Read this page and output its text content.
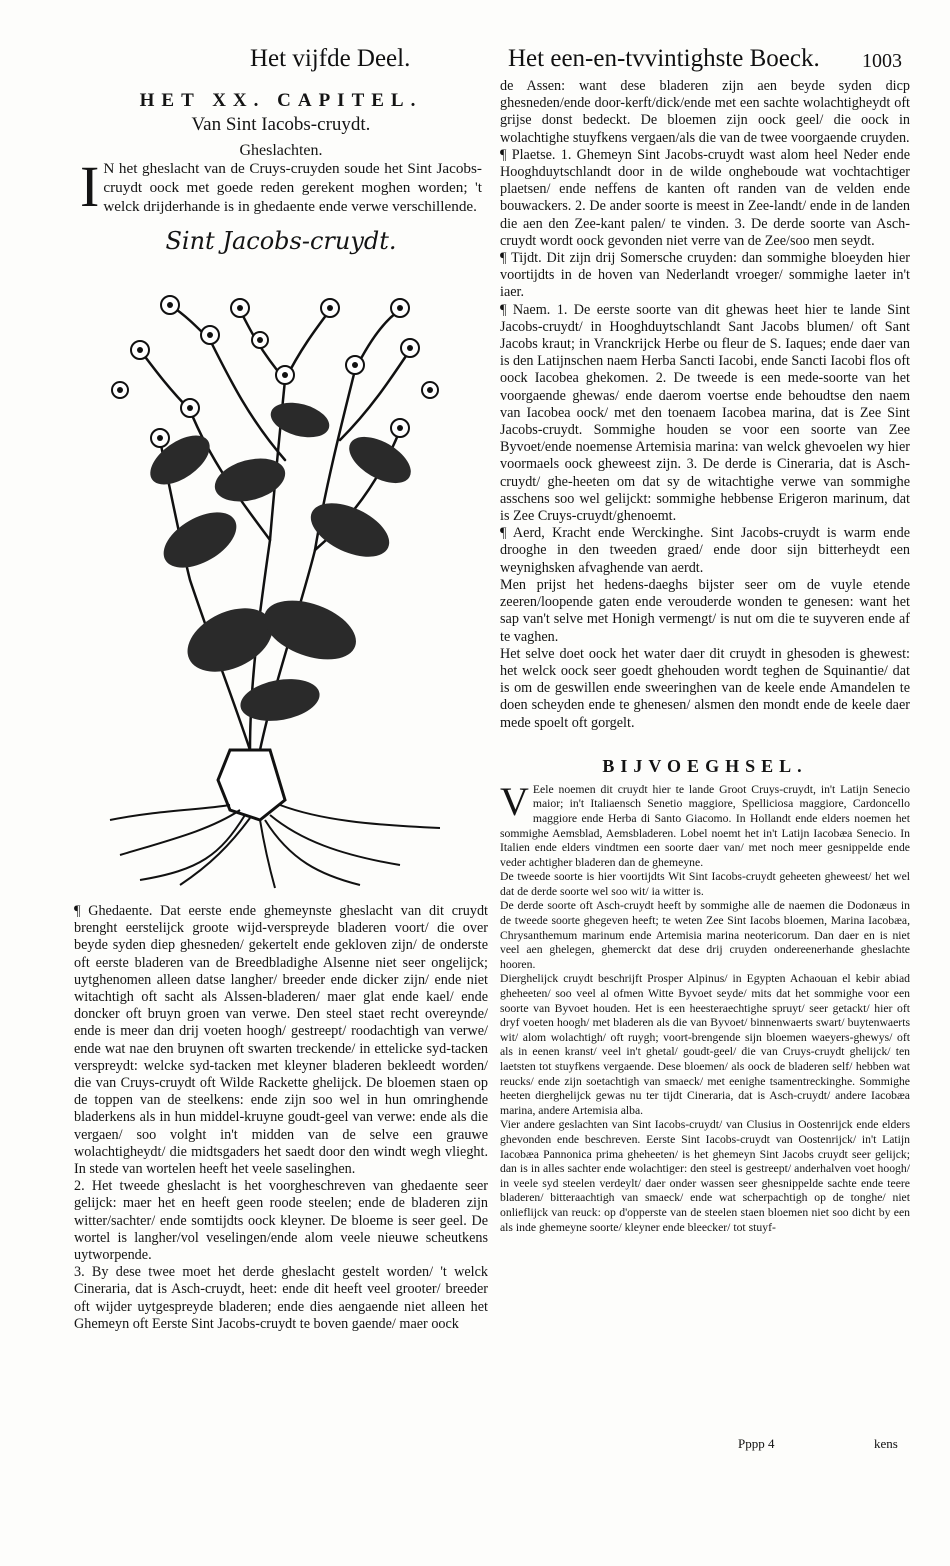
Het vijfde Deel.	Het een-en-tvvintighste Boeck. 1003
HET XX. CAPITEL.
Van Sint Iacobs-cruydt.
Gheslachten.

I N het gheslacht van de Cruys-cruyden soude het Sint Jacobs-cruydt oock met goede reden gerekent moghen worden; 't welck drijderhande is in ghedaente ende verwe verschillende.

Sint Jacobs-cruydt.

de Assen: want dese bladeren zijn aen beyde syden dicp ghesneden/ende door-kerft/dick/ende met een sachte wolachtigheydt oft grijse donst bedeckt. De bloemen zijn oock geel/ die oock in wolachtighe stuyfkens vergaen/als die van de twee voorgaende cruyden.

¶ Plaetse. 1. Ghemeyn Sint Jacobs-cruydt wast alom heel Neder ende Hooghduytschlandt door in de wilde ongheboude wat vochtachtiger plaetsen/ ende neffens de kanten oft randen van de velden ende bouwackers. 2. De ander soorte is meest in Zee-landt/ ende in de landen die aen den Zee-kant palen/ te vinden. 3. De derde soorte van Asch-cruydt wordt oock gevonden niet verre van de Zee/soo men seydt.

¶ Tijdt. Dit zijn drij Somersche cruyden: dan sommighe bloeyden hier voortijdts in de hoven van Nederlandt vroeger/ sommighe laeter in't iaer.

¶ Naem. 1. De eerste soorte van dit ghewas heet hier te lande Sint Jacobs-cruydt/ in Hooghduytschlandt Sant Jacobs blumen/ oft Sant Jacobs kraut; in Vranckrijck Herbe ou fleur de S. Iaques; ende daer van is den Latijnschen naem Herba Sancti Iacobi, ende Sancti Iacobi flos oft oock Iacobea ghekomen. 2. De tweede is een mede-soorte van het voorgaende ghewas/ ende daerom voertse ende behoudtse den naem van Iacobea oock/ met den toenaem Iacobea marina, dat is Zee Sint Jacobs-cruydt. Sommighe houden se voor een soorte van Zee Byvoet/ende noemense Artemisia marina: van welck ghevoelen wy hier voormaels oock gheweest zijn. 3. De derde is Cineraria, dat is Asch-cruydt/ ghe-heeten om dat sy de witachtighe verwe van sommighe asschens soo wel gelijckt: sommighe hebbense Erigeron marinum, dat is Zee Cruys-cruydt/ghenoemt.

¶ Aerd, Kracht ende Werckinghe. Sint Jacobs-cruydt is warm ende drooghe in den tweeden graed/ ende door sijn bitterheydt een weynighsken afvaghende van aerdt.

Men prijst het hedens-daeghs bijster seer om de vuyle etende zeeren/loopende gaten ende verouderde wonden te genesen: want het sap van't selve met Honigh vermengt/ is nut om die te suyveren ende af te vaghen.

Het selve doet oock het water daer dit cruydt in ghesoden is ghewest: het welck oock seer goedt ghehouden wordt teghen de Squinantie/ dat is om de geswillen ende sweeringhen van de keele ende Amandelen te doen scheyden ende te ghenesen/ alsmen den mondt ende de keele daer mede spoelt oft gorgelt.

BIJVOEGHSEL.

V Eele noemen dit cruydt hier te lande Groot Cruys-cruydt, in't Latijn Senecio maior; in't Italiaensch Senetio maggiore, Spelliciosa maggiore, Cardoncello maggiore ende Herba di Santo Giacomo. In Hollandt ende elders noemen het sommighe Aemsblad, Aemsbladeren. Lobel noemt het in't Latijn Iacobæa Senecio. In Italien ende elders vindtmen een soorte daer van/ met noch meer gesnippelde ende veder achtigher bladeren dan de ghemeyne.

De tweede soorte is hier voortijdts Wit Sint Iacobs-cruydt geheeten gheweest/ het wel dat de derde soorte wel soo wit/ ia witter is.

De derde soorte oft Asch-cruydt heeft by sommighe alle de naemen die Dodonæus in de tweede soorte ghegeven heeft; te weten Zee Sint Iacobs bloemen, Marina Iacobæa, Chrysanthemum marinum ende Artemisia marina neotericorum. Dan daer en is niet veel aen ghelegen, ghemerckt dat dese drij cruyden ondereenerhande gheslachte hooren.

Dierghelijck cruydt beschrijft Prosper Alpinus/ in Egypten Achaouan el kebir abiad gheheeten/ soo veel al ofmen Witte Byvoet seyde/ mits dat het sommighe voor een soorte van Byvoet houden. Het is een heesteraechtighe spruyt/ seer getackt/ hier oft dryf voeten hoogh/ met bladeren als die van Byvoet/ binnenwaerts swart/ buytenwaerts wit/ alom wolachtigh/ oft ruygh; voort-brengende sijn bloemen waeyers-ghewys/ oft als in eenen kranst/ veel in't ghetal/ goudt-geel/ die van Cruys-cruydt ghelijck/ ten laetsten tot stuyfkens vergaende. Dese bloemen/ als oock de bladeren self/ hebben wat reucks/ ende zijn soetachtigh van smaeck/ met eenighe tsamentreckinghe. Sommighe heeten dierghelijck gewas nu ter tijdt Cineraria, dat is Asch-cruydt/ andere Iacobæa marina, andere Artemisia alba.

Vier andere geslachten van Sint Iacobs-cruydt/ van Clusius in Oostenrijck ende elders ghevonden ende beschreven. Eerste Sint Iacobs-cruydt van Oostenrijck/ in't Latijn Iacobæa Pannonica prima gheheeten/ is het ghemeyn Sint Jacobs cruydt seer gelijck; dan is in alles sachter ende wolachtiger: den steel is gestreept/ anderhalven voet hoogh/ in veele syd steelen verdeylt/ daer onder wassen seer ghesnippelde sachte ende teere bladeren/ bitteraachtigh van smaeck/ ende wat scherpachtigh op de tonghe/ niet onlieflijck van reuck: op d'opperste van de steelen staen bloemen niet soo dicht by een als inde ghemeyne soorte/ kleyner ende bleecker/ tot stuyf-

¶ Ghedaente. Dat eerste ende ghemeynste gheslacht van dit cruydt brenght eerstelijck groote wijd-verspreyde bladeren voort/ die over beyde syden diep ghesneden/ gekertelt ende gekloven zijn/ de onderste oft eerste bladeren van de Breedbladighe Alsenne niet seer ongelijck; uytghenomen alleen datse langher/ breeder ende dicker zijn/ ende niet witachtigh oft sacht als Alssen-bladeren/ maer glat ende kael/ ende doncker oft bruyn groen van verwe. Den steel staet recht overeynde/ ende is meer dan drij voeten hoogh/ gestreept/ roodachtigh van verwe/ ende wat nae den bruynen oft swarten treckende/ in ettelicke syd-tacken verspreydt: welcke syd-tacken met kleyner bladeren bekleedt worden/ die van Cruys-cruydt oft Wilde Rackette ghelijck. De bloemen staen op de toppen van de steelkens: ende zijn soo wel in hun omringhende bladerkens als in hun middel-kruyne goudt-geel van verwe: ende als die vergaen/ soo volght in't midden van de selve een grauwe wolachtigheydt/ die midtsgaders het saedt door den windt wegh vlieght. In stede van wortelen heeft het veele saselinghen.

2. Het tweede gheslacht is het voorgheschreven van ghedaente seer gelijck: maer het en heeft geen roode steelen; ende de bladeren zijn witter/sachter/ ende somtijdts oock kleyner. De bloeme is seer geel. De wortel is langher/vol veselingen/ende alom veele nieuwe scheutkens uytworpende.

3. By dese twee moet het derde gheslacht gestelt worden/ 't welck Cineraria, dat is Asch-cruydt, heet: ende dit heeft veel grooter/ breeder oft wijder uytgespreyde bladeren; ende dies aengaende niet alleen het Ghemeyn oft Eerste Sint Jacobs-cruydt te boven gaende/ maer oock

Pppp 4	kens
